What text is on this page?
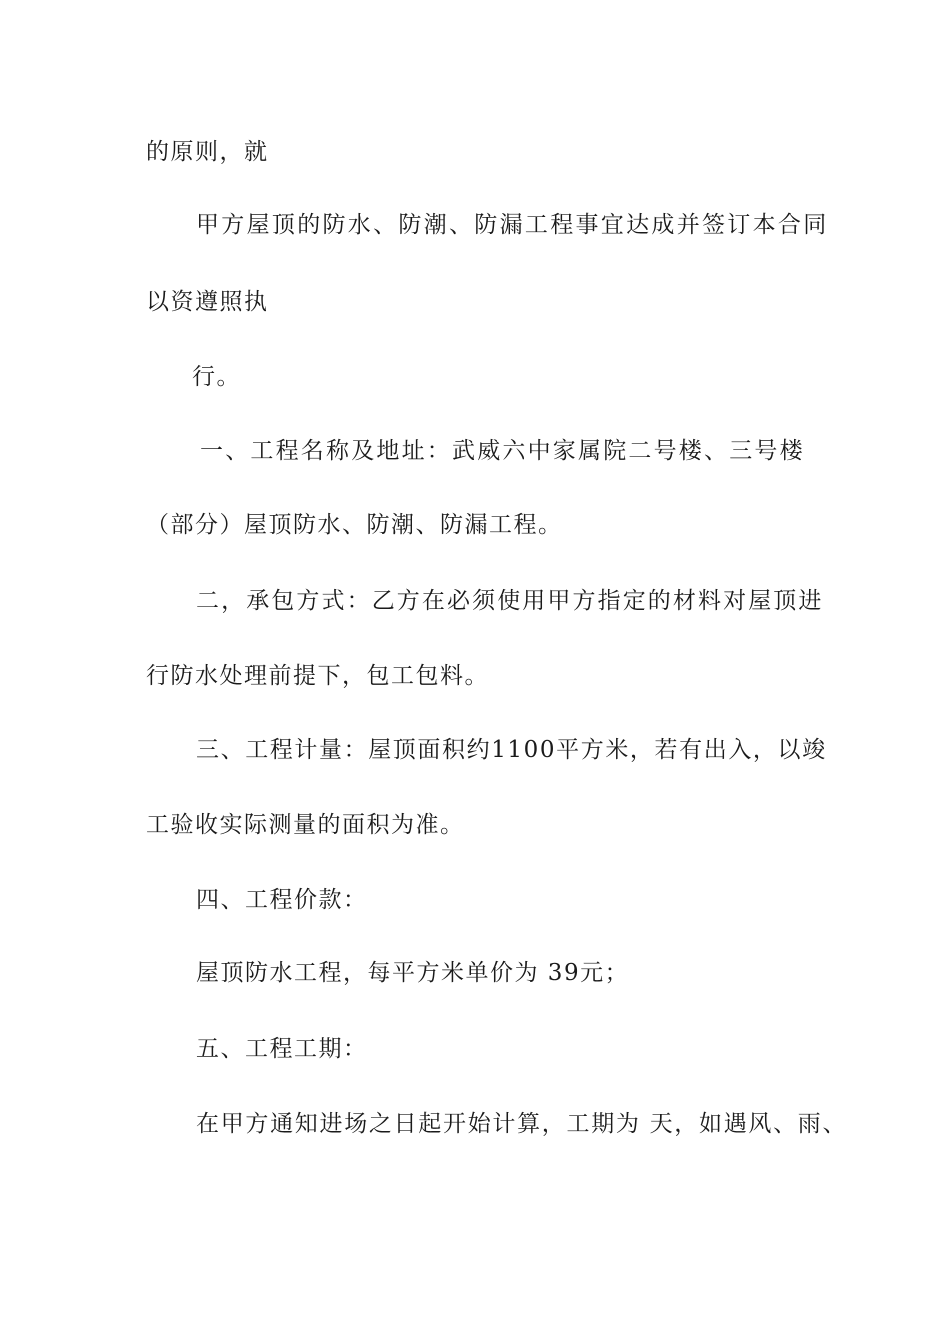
的原则，就
甲方屋顶的防水、防潮、防漏工程事宜达成并签订本合同
以资遵照执
行。
一、工程名称及地址：武威六中家属院二号楼、三号楼
（部分）屋顶防水、防潮、防漏工程。
二，承包方式：乙方在必须使用甲方指定的材料对屋顶进
行防水处理前提下，包工包料。
三、工程计量：屋顶面积约1100平方米，若有出入，以竣
工验收实际测量的面积为准。
四、工程价款：
屋顶防水工程，每平方米单价为 39元；
五、工程工期：
在甲方通知进场之日起开始计算，工期为 天，如遇风、雨、
